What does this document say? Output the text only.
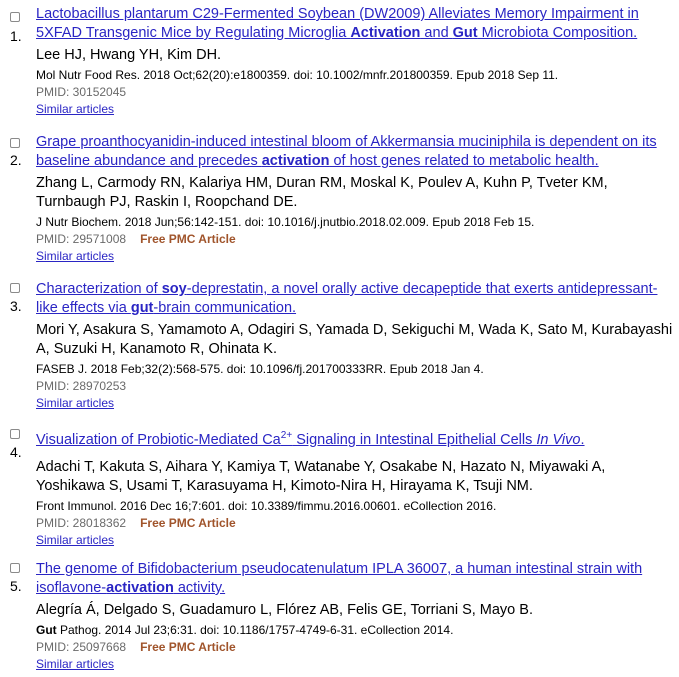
1.

Lactobacillus plantarum C29-Fermented Soybean (DW2009) Alleviates Memory Impairment in 5XFAD Transgenic Mice by Regulating Microglia Activation and Gut Microbiota Composition.

Lee HJ, Hwang YH, Kim DH.
Mol Nutr Food Res. 2018 Oct;62(20):e1800359. doi: 10.1002/mnfr.201800359. Epub 2018 Sep 11.
PMID: 30152045
Similar articles
2.

Grape proanthocyanidin-induced intestinal bloom of Akkermansia muciniphila is dependent on its baseline abundance and precedes activation of host genes related to metabolic health.

Zhang L, Carmody RN, Kalariya HM, Duran RM, Moskal K, Poulev A, Kuhn P, Tveter KM, Turnbaugh PJ, Raskin I, Roopchand DE.
J Nutr Biochem. 2018 Jun;56:142-151. doi: 10.1016/j.jnutbio.2018.02.009. Epub 2018 Feb 15.
PMID: 29571008 Free PMC Article
Similar articles
3.

Characterization of soy-deprestatin, a novel orally active decapeptide that exerts antidepressant-like effects via gut-brain communication.

Mori Y, Asakura S, Yamamoto A, Odagiri S, Yamada D, Sekiguchi M, Wada K, Sato M, Kurabayashi A, Suzuki H, Kanamoto R, Ohinata K.
FASEB J. 2018 Feb;32(2):568-575. doi: 10.1096/fj.201700333RR. Epub 2018 Jan 4.
PMID: 28970253
Similar articles
4.

Visualization of Probiotic-Mediated $Ca^{2+}$ Signaling in Intestinal Epithelial Cells In Vivo.

Adachi T, Kakuta S, Aihara Y, Kamiya T, Watanabe Y, Osakabe N, Hazato N, Miyawaki A, Yoshikawa S, Usami T, Karasuyama H, Kimoto-Nira H, Hirayama K, Tsuji NM.
Front Immunol. 2016 Dec 16;7:601. doi: 10.3389/fimmu.2016.00601. eCollection 2016.
PMID: 28018362 Free PMC Article
Similar articles
5.

The genome of Bifidobacterium pseudocatenulatum IPLA 36007, a human intestinal strain with isoflavone-activation activity.

Alegría Á, Delgado S, Guadamuro L, Flórez AB, Felis GE, Torriani S, Mayo B.
Gut Pathog. 2014 Jul 23;6:31. doi: 10.1186/1757-4749-6-31. eCollection 2014.
PMID: 25097668 Free PMC Article
Similar articles
